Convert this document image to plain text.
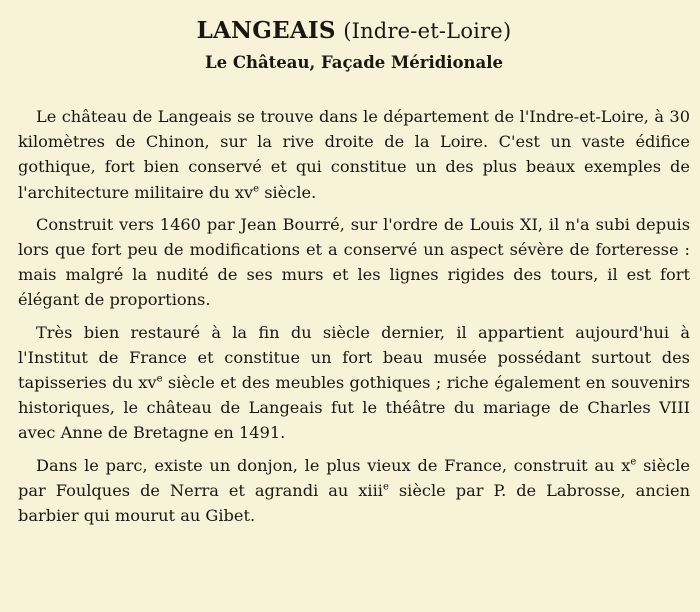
LANGEAIS (Indre-et-Loire)
Le Château, Façade Méridionale

Le château de Langeais se trouve dans le département de l'Indre-et-Loire, à 30 kilomètres de Chinon, sur la rive droite de la Loire. C'est un vaste édifice gothique, fort bien conservé et qui constitue un des plus beaux exemples de l'architecture militaire du $xv^e$ siècle.

Construit vers 1460 par Jean Bourré, sur l'ordre de Louis XI, il n'a subi depuis lors que fort peu de modifications et a conservé un aspect sévère de forteresse : mais malgré la nudité de ses murs et les lignes rigides des tours, il est fort élégant de proportions.

Très bien restauré à la fin du siècle dernier, il appartient aujourd'hui à l'Institut de France et constitue un fort beau musée possédant surtout des tapisseries du $xv^e$ siècle et des meubles gothiques ; riche également en souvenirs historiques, le château de Langeais fut le théâtre du mariage de Charles VIII avec Anne de Bretagne en 1491.

Dans le parc, existe un donjon, le plus vieux de France, construit au $x^e$ siècle par Foulques de Nerra et agrandi au xiii$^e$ siècle par P. de Labrosse, ancien barbier qui mourut au Gibet.
